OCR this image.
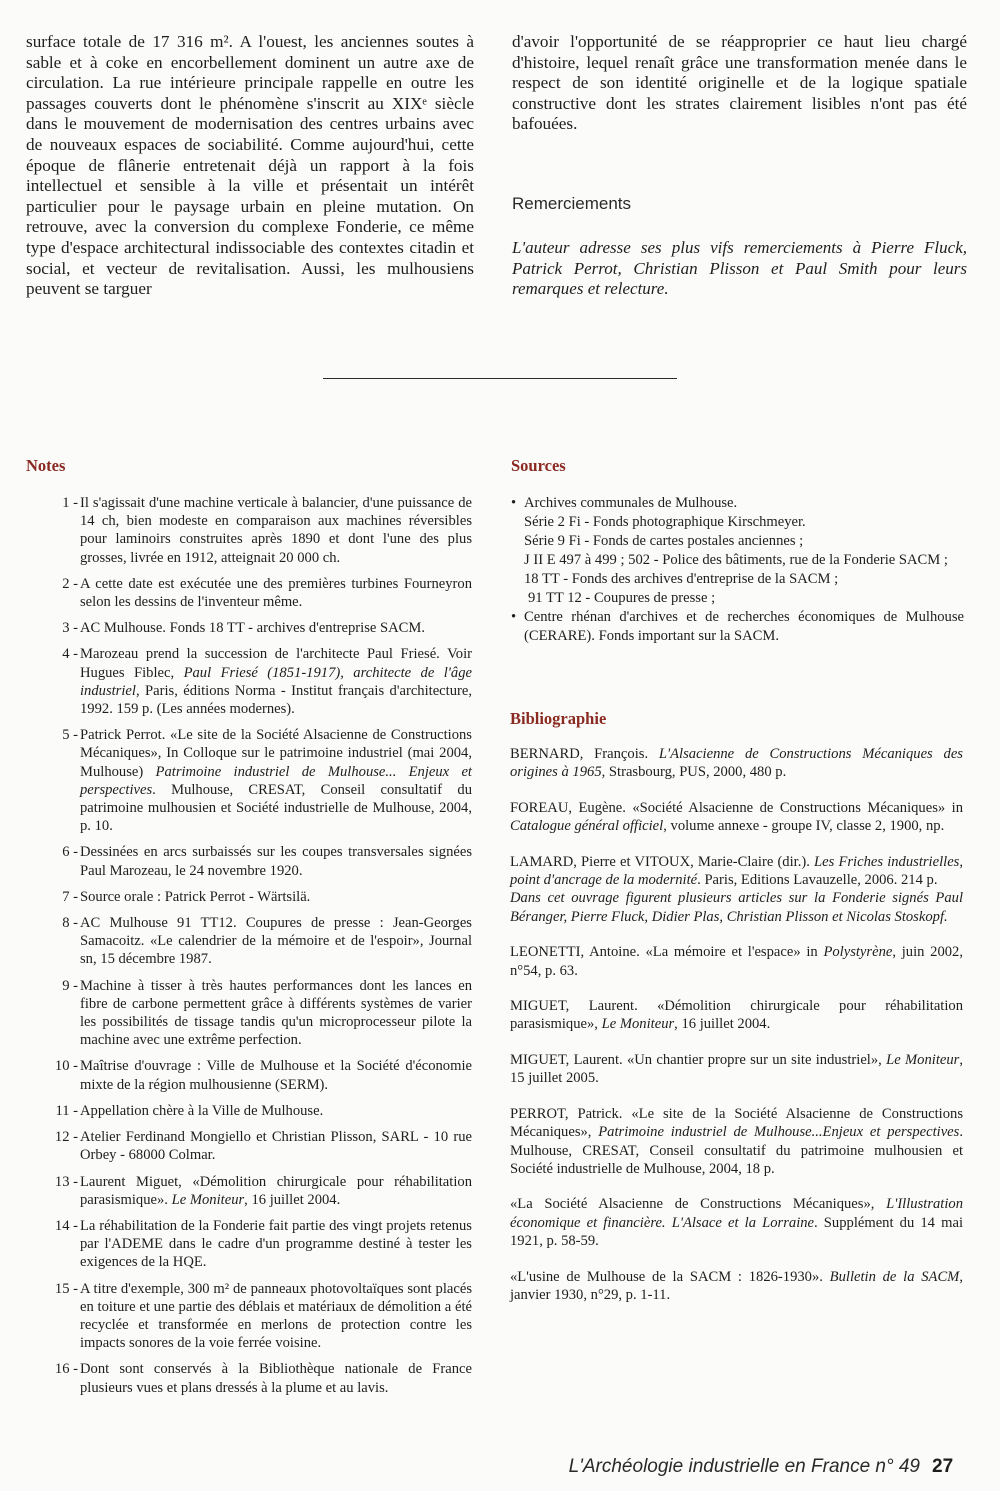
surface totale de 17 316 m². A l'ouest, les anciennes soutes à sable et à coke en encorbellement dominent un autre axe de circulation. La rue intérieure principale rappelle en outre les passages couverts dont le phénomène s'inscrit au XIXᵉ siècle dans le mouvement de modernisation des centres urbains avec de nouveaux espaces de sociabilité. Comme aujourd'hui, cette époque de flânerie entretenait déjà un rapport à la fois intellectuel et sensible à la ville et présentait un intérêt particulier pour le paysage urbain en pleine mutation. On retrouve, avec la conversion du complexe Fonderie, ce même type d'espace architectural indissociable des contextes citadin et social, et vecteur de revitalisation. Aussi, les mulhousiens peuvent se targuer
d'avoir l'opportunité de se réapproprier ce haut lieu chargé d'histoire, lequel renaît grâce une transformation menée dans le respect de son identité originelle et de la logique spatiale constructive dont les strates clairement lisibles n'ont pas été bafouées.
Remerciements
L'auteur adresse ses plus vifs remerciements à Pierre Fluck, Patrick Perrot, Christian Plisson et Paul Smith pour leurs remarques et relecture.
Notes
1 - Il s'agissait d'une machine verticale à balancier, d'une puissance de 14 ch, bien modeste en comparaison aux machines réversibles pour laminoirs construites après 1890 et dont l'une des plus grosses, livrée en 1912, atteignait 20 000 ch.
2 - A cette date est exécutée une des premières turbines Fourneyron selon les dessins de l'inventeur même.
3 - AC Mulhouse. Fonds 18 TT - archives d'entreprise SACM.
4 - Marozeau prend la succession de l'architecte Paul Friesé. Voir Hugues Fiblec, Paul Friesé (1851-1917), architecte de l'âge industriel, Paris, éditions Norma - Institut français d'architecture, 1992. 159 p. (Les années modernes).
5 - Patrick Perrot. «Le site de la Société Alsacienne de Constructions Mécaniques», In Colloque sur le patrimoine industriel (mai 2004, Mulhouse) Patrimoine industriel de Mulhouse... Enjeux et perspectives. Mulhouse, CRESAT, Conseil consultatif du patrimoine mulhousien et Société industrielle de Mulhouse, 2004, p. 10.
6 - Dessinées en arcs surbaissés sur les coupes transversales signées Paul Marozeau, le 24 novembre 1920.
7 - Source orale : Patrick Perrot - Wärtsilä.
8 - AC Mulhouse 91 TT12. Coupures de presse : Jean-Georges Samacoitz. «Le calendrier de la mémoire et de l'espoir», Journal sn, 15 décembre 1987.
9 - Machine à tisser à très hautes performances dont les lances en fibre de carbone permettent grâce à différents systèmes de varier les possibilités de tissage tandis qu'un microprocesseur pilote la machine avec une extrême perfection.
10 - Maîtrise d'ouvrage : Ville de Mulhouse et la Société d'économie mixte de la région mulhousienne (SERM).
11 - Appellation chère à la Ville de Mulhouse.
12 - Atelier Ferdinand Mongiello et Christian Plisson, SARL - 10 rue Orbey - 68000 Colmar.
13 - Laurent Miguet, «Démolition chirurgicale pour réhabilitation parasismique». Le Moniteur, 16 juillet 2004.
14 - La réhabilitation de la Fonderie fait partie des vingt projets retenus par l'ADEME dans le cadre d'un programme destiné à tester les exigences de la HQE.
15 - A titre d'exemple, 300 m² de panneaux photovoltaïques sont placés en toiture et une partie des déblais et matériaux de démolition a été recyclée et transformée en merlons de protection contre les impacts sonores de la voie ferrée voisine.
16 - Dont sont conservés à la Bibliothèque nationale de France plusieurs vues et plans dressés à la plume et au lavis.
Sources
• Archives communales de Mulhouse.
Série 2 Fi - Fonds photographique Kirschmeyer.
Série 9 Fi - Fonds de cartes postales anciennes ;
J II E 497 à 499 ; 502 - Police des bâtiments, rue de la Fonderie SACM ;
18 TT - Fonds des archives d'entreprise de la SACM ;
91 TT 12 - Coupures de presse ;
• Centre rhénan d'archives et de recherches économiques de Mulhouse (CERARE). Fonds important sur la SACM.
Bibliographie
BERNARD, François. L'Alsacienne de Constructions Mécaniques des origines à 1965, Strasbourg, PUS, 2000, 480 p.
FOREAU, Eugène. «Société Alsacienne de Constructions Mécaniques» in Catalogue général officiel, volume annexe - groupe IV, classe 2, 1900, np.
LAMARD, Pierre et VITOUX, Marie-Claire (dir.). Les Friches industrielles, point d'ancrage de la modernité. Paris, Editions Lavauzelle, 2006. 214 p.
Dans cet ouvrage figurent plusieurs articles sur la Fonderie signés Paul Béranger, Pierre Fluck, Didier Plas, Christian Plisson et Nicolas Stoskopf.
LEONETTI, Antoine. «La mémoire et l'espace» in Polystyrène, juin 2002, n°54, p. 63.
MIGUET, Laurent. «Démolition chirurgicale pour réhabilitation parasismique», Le Moniteur, 16 juillet 2004.
MIGUET, Laurent. «Un chantier propre sur un site industriel», Le Moniteur, 15 juillet 2005.
PERROT, Patrick. «Le site de la Société Alsacienne de Constructions Mécaniques», Patrimoine industriel de Mulhouse...Enjeux et perspectives. Mulhouse, CRESAT, Conseil consultatif du patrimoine mulhousien et Société industrielle de Mulhouse, 2004, 18 p.
«La Société Alsacienne de Constructions Mécaniques», L'Illustration économique et financière. L'Alsace et la Lorraine. Supplément du 14 mai 1921, p. 58-59.
«L'usine de Mulhouse de la SACM : 1826-1930». Bulletin de la SACM, janvier 1930, n°29, p. 1-11.
L'Archéologie industrielle en France n° 49 27
